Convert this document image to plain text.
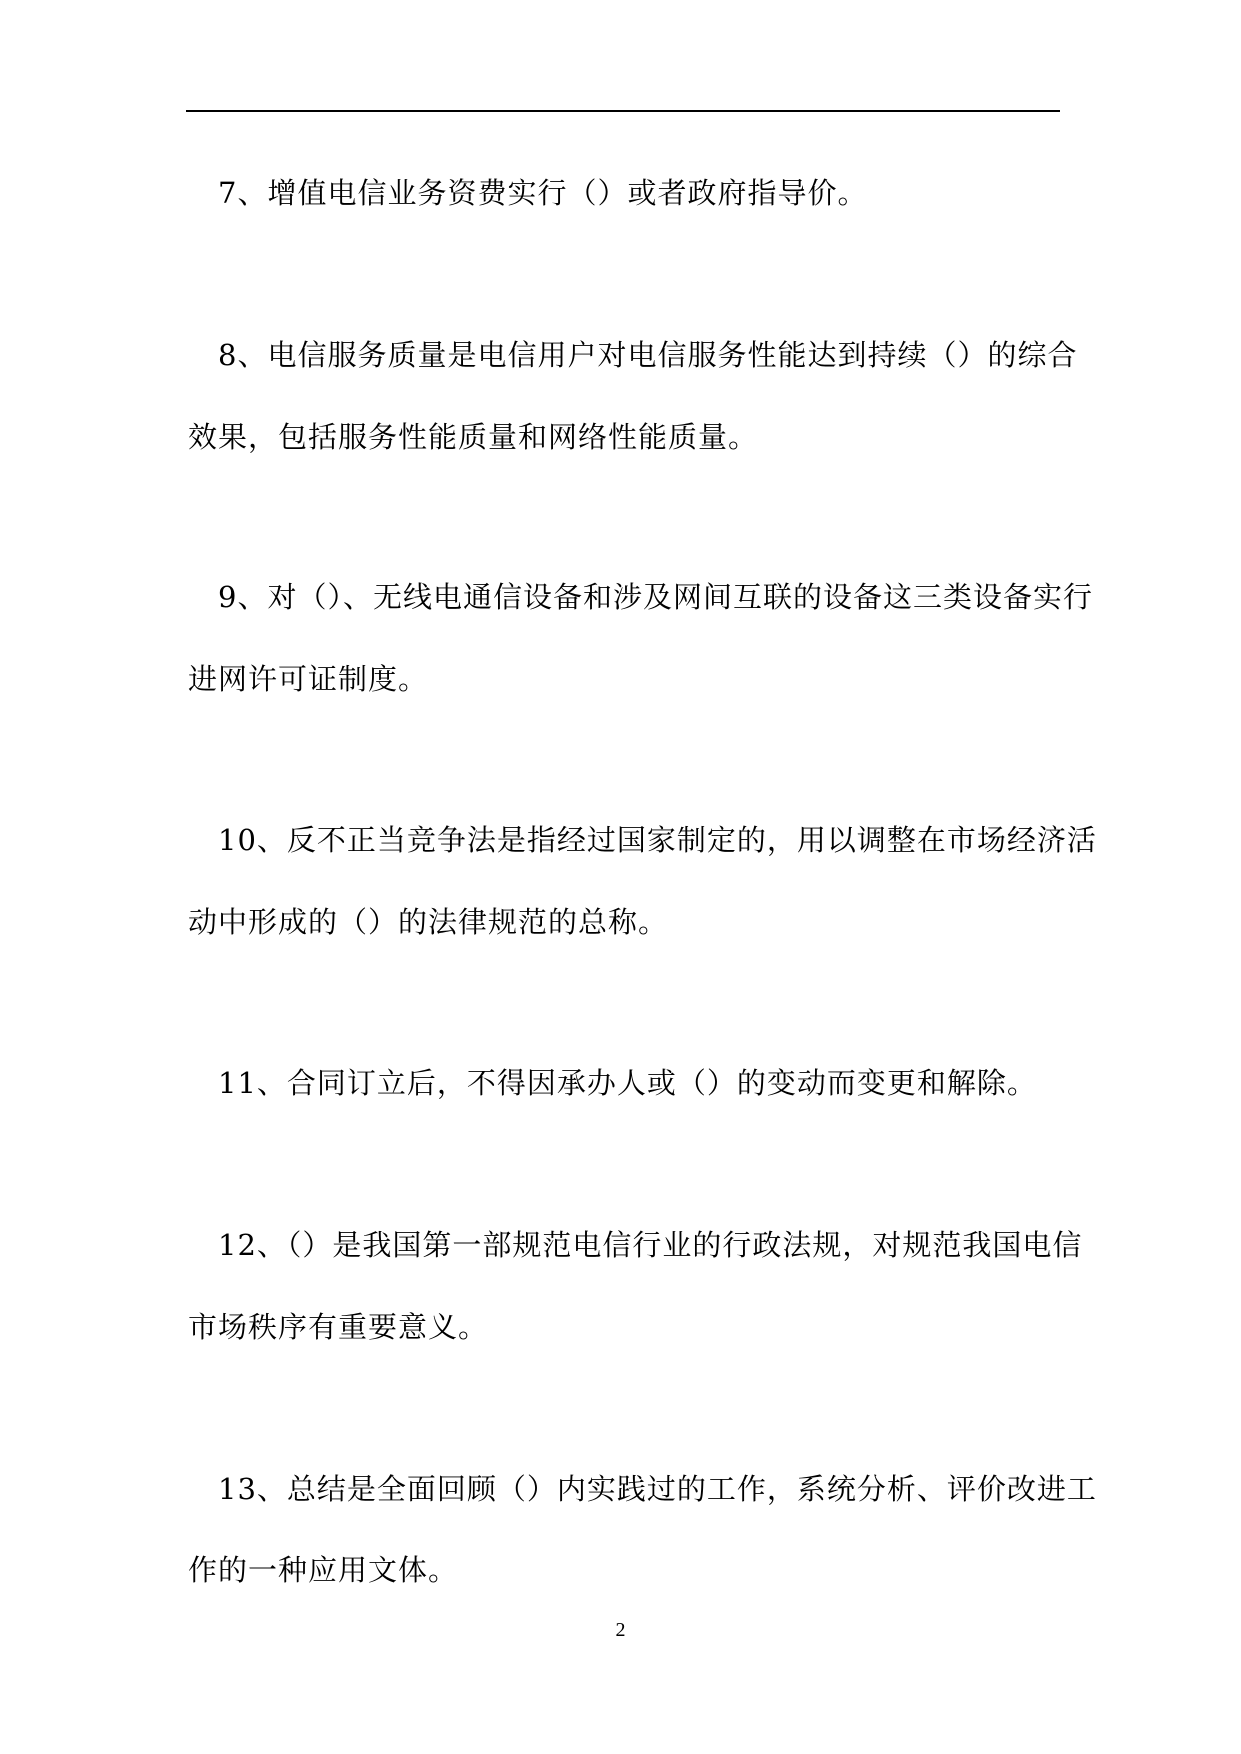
7、增值电信业务资费实行（）或者政府指导价。
8、电信服务质量是电信用户对电信服务性能达到持续（）的综合
效果，包括服务性能质量和网络性能质量。
9、对（）、无线电通信设备和涉及网间互联的设备这三类设备实行
进网许可证制度。
10、反不正当竞争法是指经过国家制定的，用以调整在市场经济活
动中形成的（）的法律规范的总称。
11、合同订立后，不得因承办人或（）的变动而变更和解除。
12、（）是我国第一部规范电信行业的行政法规，对规范我国电信
市场秩序有重要意义。
13、总结是全面回顾（）内实践过的工作，系统分析、评价改进工
作的一种应用文体。
2
